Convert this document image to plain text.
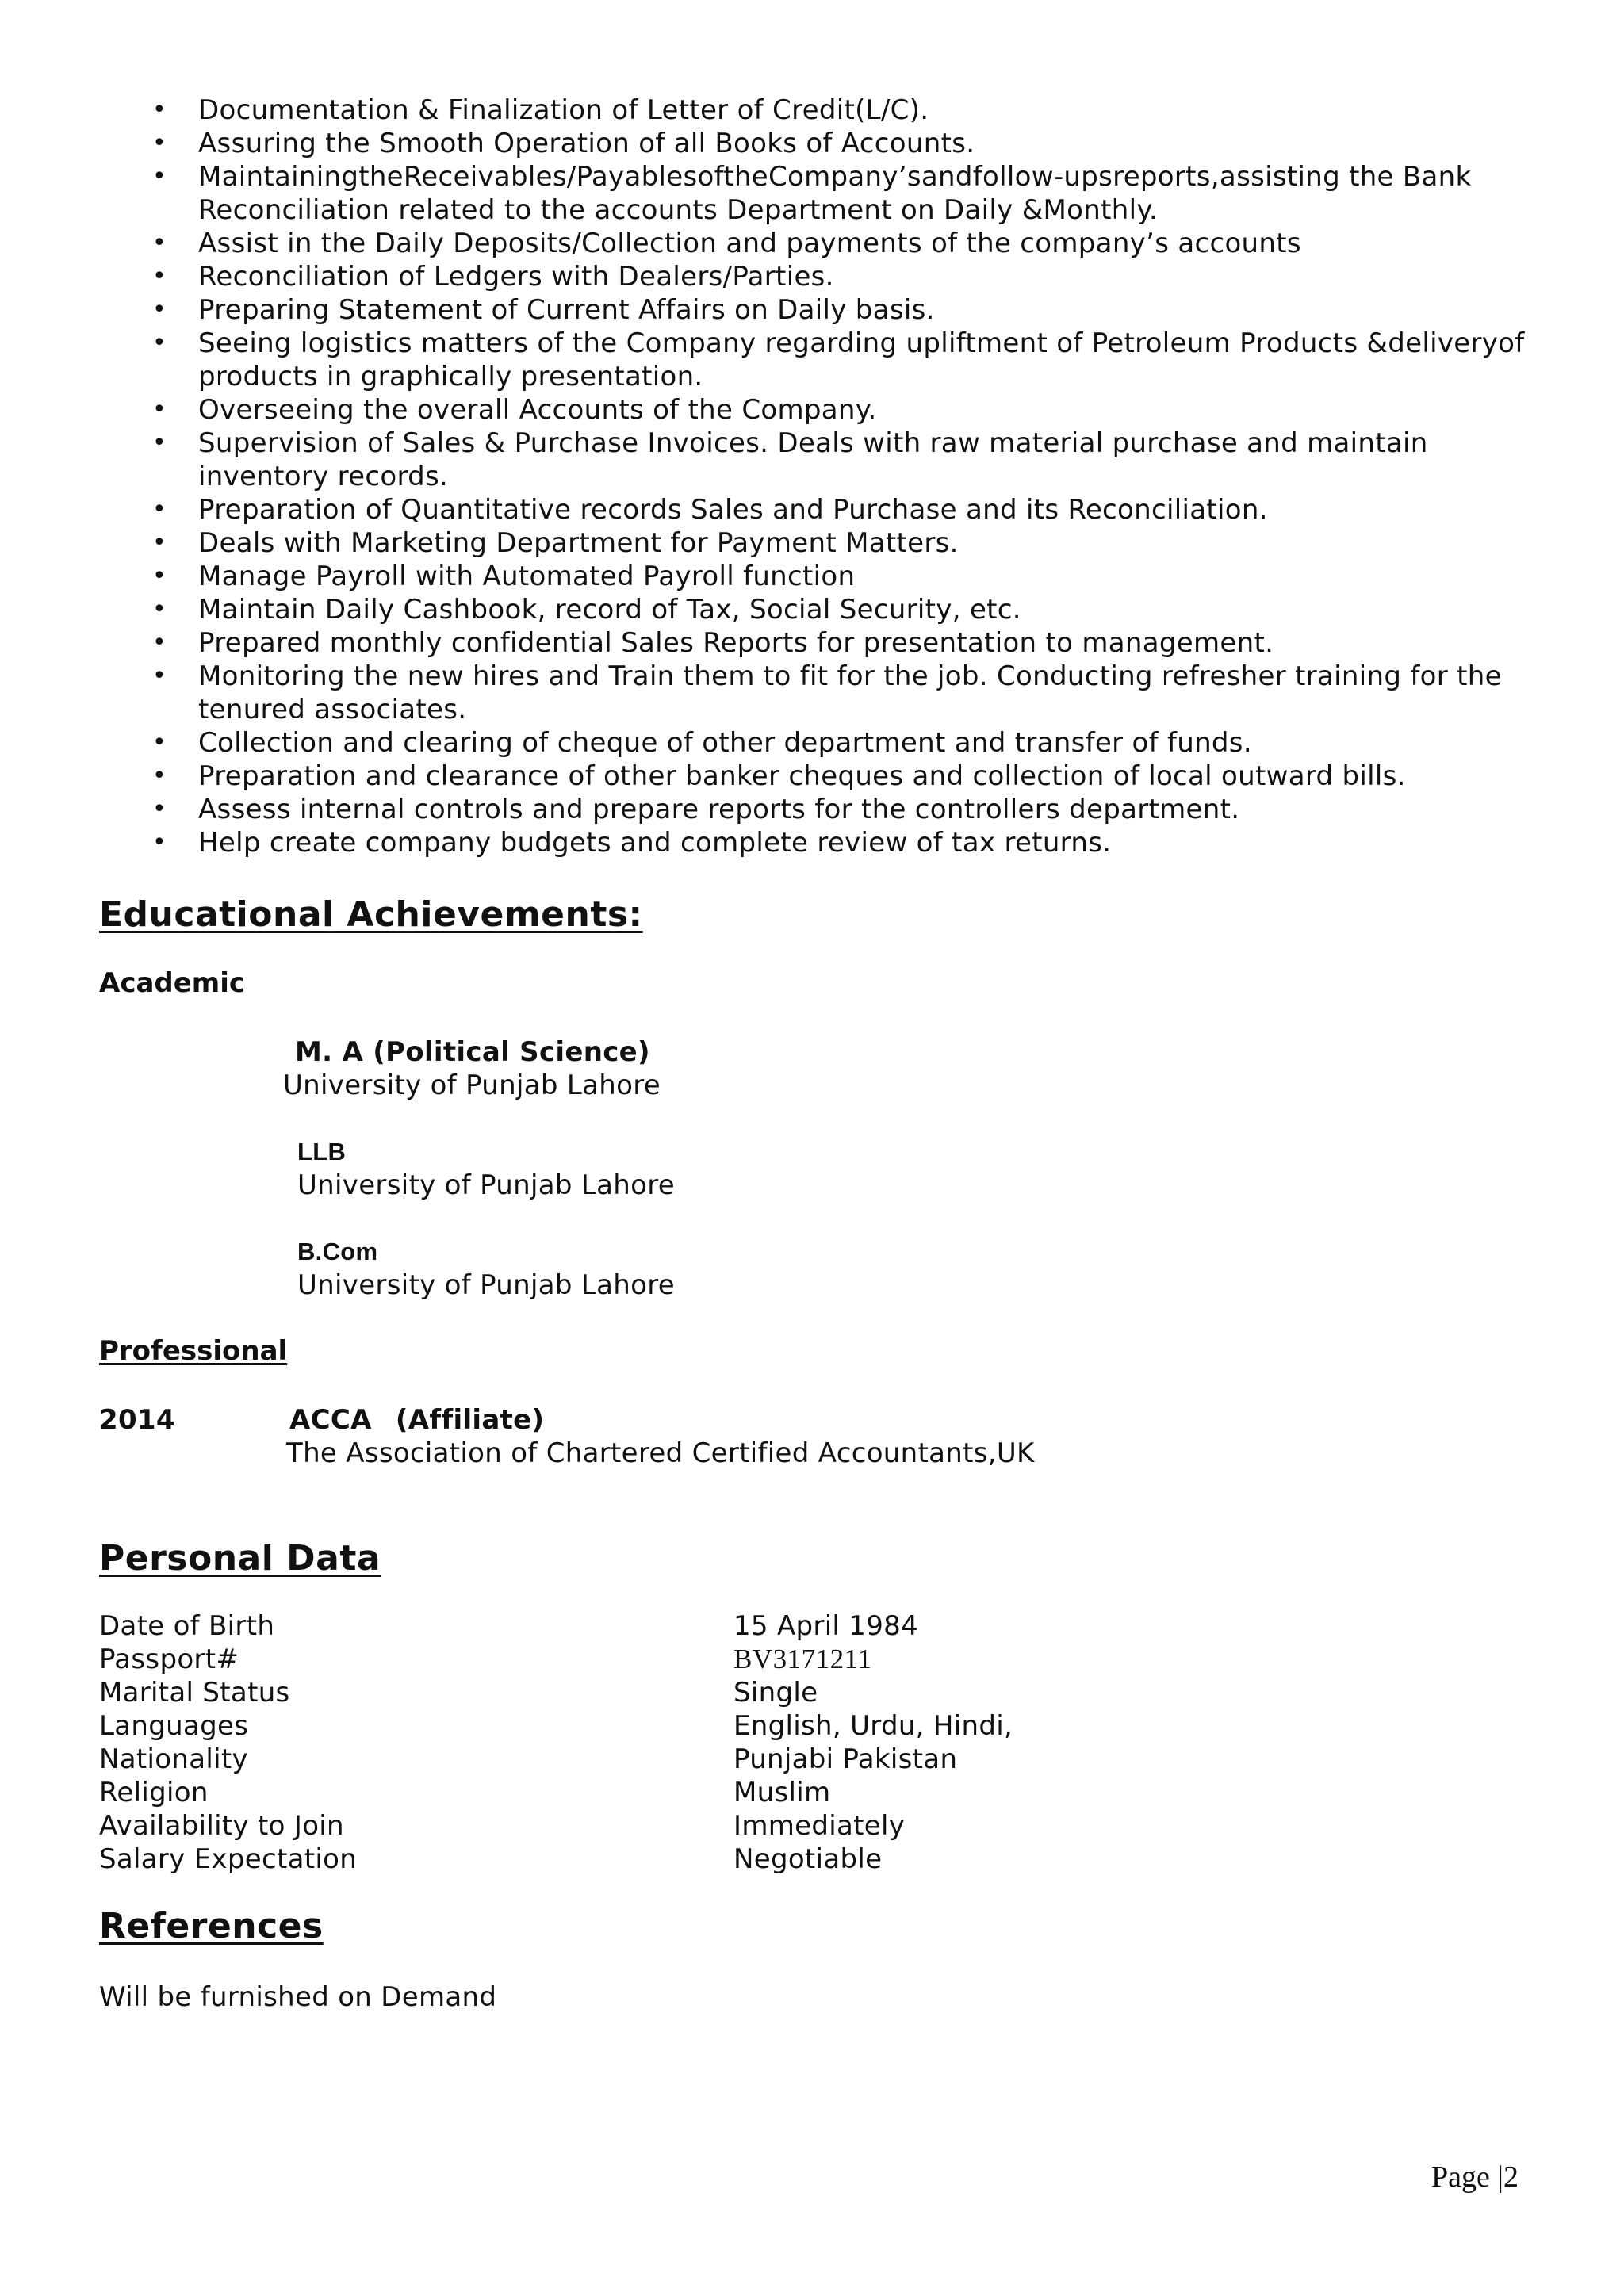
• Documentation & Finalization of Letter of Credit(L/C).
• Assuring the Smooth Operation of all Books of Accounts.
• MaintainingtheReceivables/PayablesoftheCompany’sandfollow-upsreports,assisting the Bank Reconciliation related to the accounts Department on Daily &Monthly.
• Assist in the Daily Deposits/Collection and payments of the company’s accounts
• Reconciliation of Ledgers with Dealers/Parties.
• Preparing Statement of Current Affairs on Daily basis.
• Seeing logistics matters of the Company regarding upliftment of Petroleum Products &deliveryof products in graphically presentation.
• Overseeing the overall Accounts of the Company.
• Supervision of Sales & Purchase Invoices. Deals with raw material purchase and maintain inventory records.
• Preparation of Quantitative records Sales and Purchase and its Reconciliation.
• Deals with Marketing Department for Payment Matters.
• Manage Payroll with Automated Payroll function
• Maintain Daily Cashbook, record of Tax, Social Security, etc.
• Prepared monthly confidential Sales Reports for presentation to management.
• Monitoring the new hires and Train them to fit for the job. Conducting refresher training for the tenured associates.
• Collection and clearing of cheque of other department and transfer of funds.
• Preparation and clearance of other banker cheques and collection of local outward bills.
• Assess internal controls and prepare reports for the controllers department.
• Help create company budgets and complete review of tax returns.
Educational Achievements:
Academic
M. A (Political Science)
University of Punjab Lahore
LLB
University of Punjab Lahore
B.Com
University of Punjab Lahore
Professional
2014	ACCA (Affiliate)
The Association of Chartered Certified Accountants,UK
Personal Data
Date of Birth	15 April 1984
Passport#	BV3171211
Marital Status	Single
Languages	English, Urdu, Hindi,
Nationality	Punjabi Pakistan
Religion	Muslim
Availability to Join	Immediately
Salary Expectation	Negotiable
References
Will be furnished on Demand
Page |2
